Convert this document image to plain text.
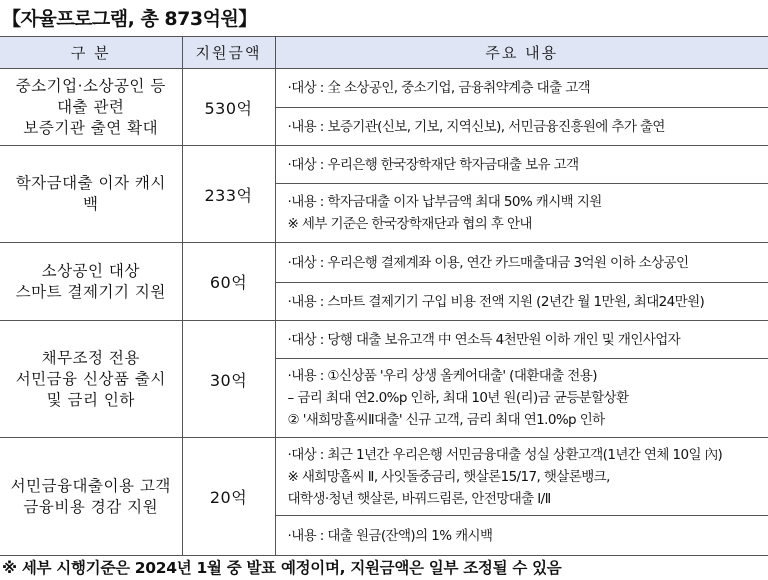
【자율프로그램, 총 873억원】
구 분	지원금액	주요 내용

중소기업·소상공인 등
대출 관련
보증기관 출연 확대	530억	·대상 : 全 소상공인, 중소기업, 금융취약계층 대출 고객

		·내용 : 보증기관(신보, 기보, 지역신보), 서민금융진흥원에 추가 출연

학자금대출 이자 캐시
백	233억	·대상 : 우리은행 한국장학재단 학자금대출 보유 고객

		·내용 : 학자금대출 이자 납부금액 최대 50% 캐시백 지원
※ 세부 기준은 한국장학재단과 협의 후 안내

소상공인 대상
스마트 결제기기 지원	60억	·대상 : 우리은행 결제계좌 이용, 연간 카드매출대금 3억원 이하 소상공인

		·내용 : 스마트 결제기기 구입 비용 전액 지원 (2년간 월 1만원, 최대24만원)

채무조정 전용
서민금융 신상품 출시
및 금리 인하	30억	·대상 : 당행 대출 보유고객 中 연소득 4천만원 이하 개인 및 개인사업자

		·내용 : ①신상품 '우리 상생 올케어대출' (대환대출 전용)
– 금리 최대 연2.0%p 인하, 최대 10년 원(리)금 균등분할상환
② '새희망홀씨Ⅱ대출' 신규 고객, 금리 최대 연1.0%p 인하

서민금융대출이용 고객
금융비용 경감 지원	20억	·대상 : 최근 1년간 우리은행 서민금융대출 성실 상환고객(1년간 연체 10일 內)
※ 새희망홀씨 Ⅱ, 사잇돌중금리, 햇살론15/17, 햇살론뱅크,
대학생·청년 햇살론, 바꿔드림론, 안전망대출 Ⅰ/Ⅱ

		·내용 : 대출 원금(잔액)의 1% 캐시백
※ 세부 시행기준은 2024년 1월 중 발표 예정이며, 지원금액은 일부 조정될 수 있음
